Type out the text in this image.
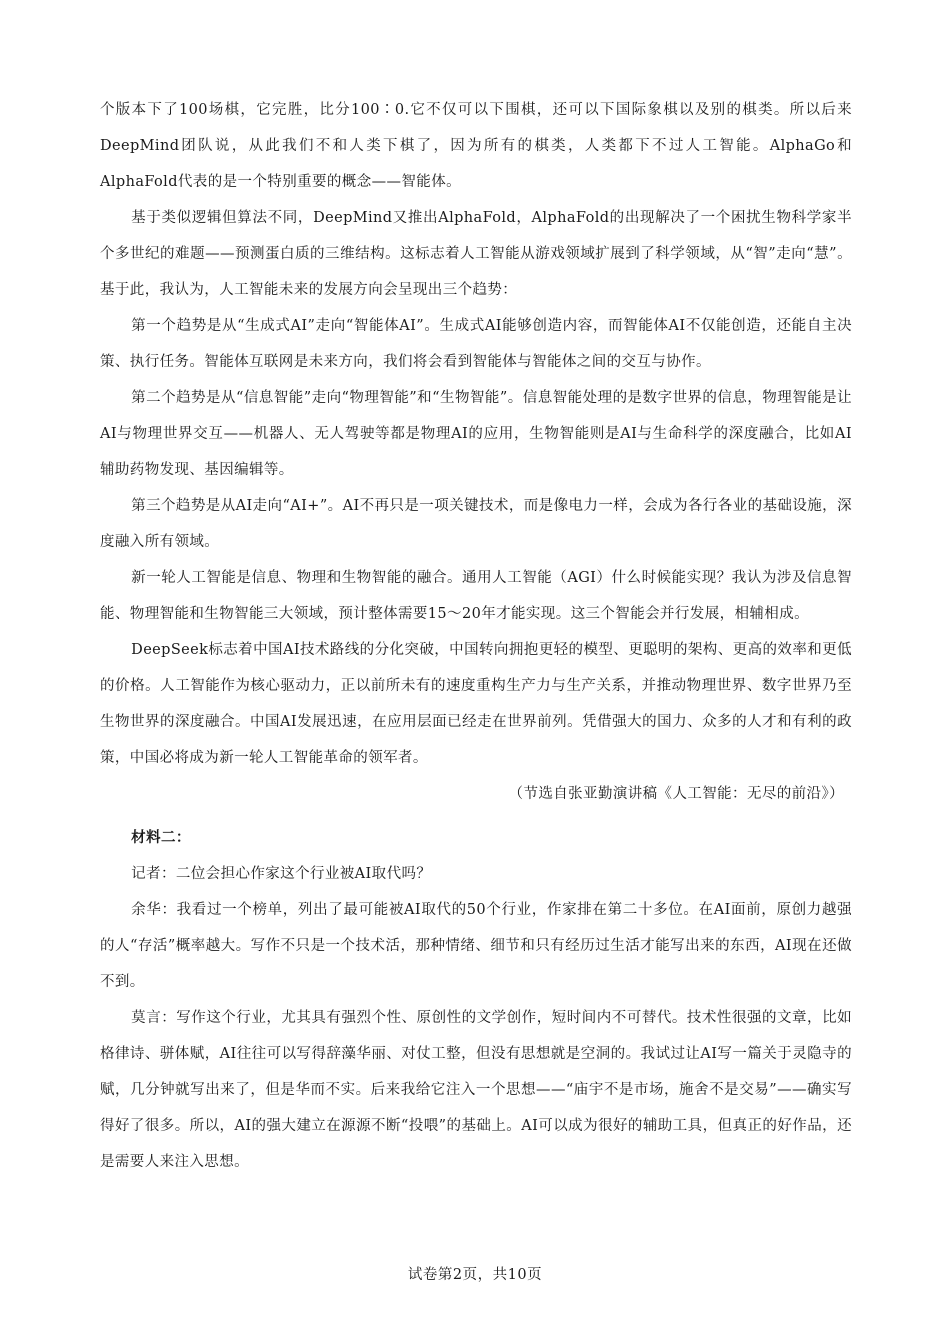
个版本下了100场棋，它完胜，比分100∶0.它不仅可以下围棋，还可以下国际象棋以及别的棋类。所以后来DeepMind团队说，从此我们不和人类下棋了，因为所有的棋类，人类都下不过人工智能。AlphaGo和AlphaFold代表的是一个特别重要的概念——智能体。

基于类似逻辑但算法不同，DeepMind又推出AlphaFold，AlphaFold的出现解决了一个困扰生物科学家半个多世纪的难题——预测蛋白质的三维结构。这标志着人工智能从游戏领域扩展到了科学领域，从“智”走向“慧”。基于此，我认为，人工智能未来的发展方向会呈现出三个趋势：

第一个趋势是从“生成式AI”走向“智能体AI”。生成式AI能够创造内容，而智能体AI不仅能创造，还能自主决策、执行任务。智能体互联网是未来方向，我们将会看到智能体与智能体之间的交互与协作。

第二个趋势是从“信息智能”走向“物理智能”和“生物智能”。信息智能处理的是数字世界的信息，物理智能是让AI与物理世界交互——机器人、无人驾驶等都是物理AI的应用，生物智能则是AI与生命科学的深度融合，比如AI辅助药物发现、基因编辑等。

第三个趋势是从AI走向“AI+”。AI不再只是一项关键技术，而是像电力一样，会成为各行各业的基础设施，深度融入所有领域。

新一轮人工智能是信息、物理和生物智能的融合。通用人工智能（AGI）什么时候能实现？我认为涉及信息智能、物理智能和生物智能三大领域，预计整体需要15～20年才能实现。这三个智能会并行发展，相辅相成。

DeepSeek标志着中国AI技术路线的分化突破，中国转向拥抱更轻的模型、更聪明的架构、更高的效率和更低的价格。人工智能作为核心驱动力，正以前所未有的速度重构生产力与生产关系，并推动物理世界、数字世界乃至生物世界的深度融合。中国AI发展迅速，在应用层面已经走在世界前列。凭借强大的国力、众多的人才和有利的政策，中国必将成为新一轮人工智能革命的领军者。

（节选自张亚勤演讲稿《人工智能：无尽的前沿》）

材料二：

记者：二位会担心作家这个行业被AI取代吗？

余华：我看过一个榜单，列出了最可能被AI取代的50个行业，作家排在第二十多位。在AI面前，原创力越强的人“存活”概率越大。写作不只是一个技术活，那种情绪、细节和只有经历过生活才能写出来的东西，AI现在还做不到。

莫言：写作这个行业，尤其具有强烈个性、原创性的文学创作，短时间内不可替代。技术性很强的文章，比如格律诗、骈体赋，AI往往可以写得辞藻华丽、对仗工整，但没有思想就是空洞的。我试过让AI写一篇关于灵隐寺的赋，几分钟就写出来了，但是华而不实。后来我给它注入一个思想——“庙宇不是市场，施舍不是交易”——确实写得好了很多。所以，AI的强大建立在源源不断“投喂”的基础上。AI可以成为很好的辅助工具，但真正的好作品，还是需要人来注入思想。

试卷第2页，共10页
